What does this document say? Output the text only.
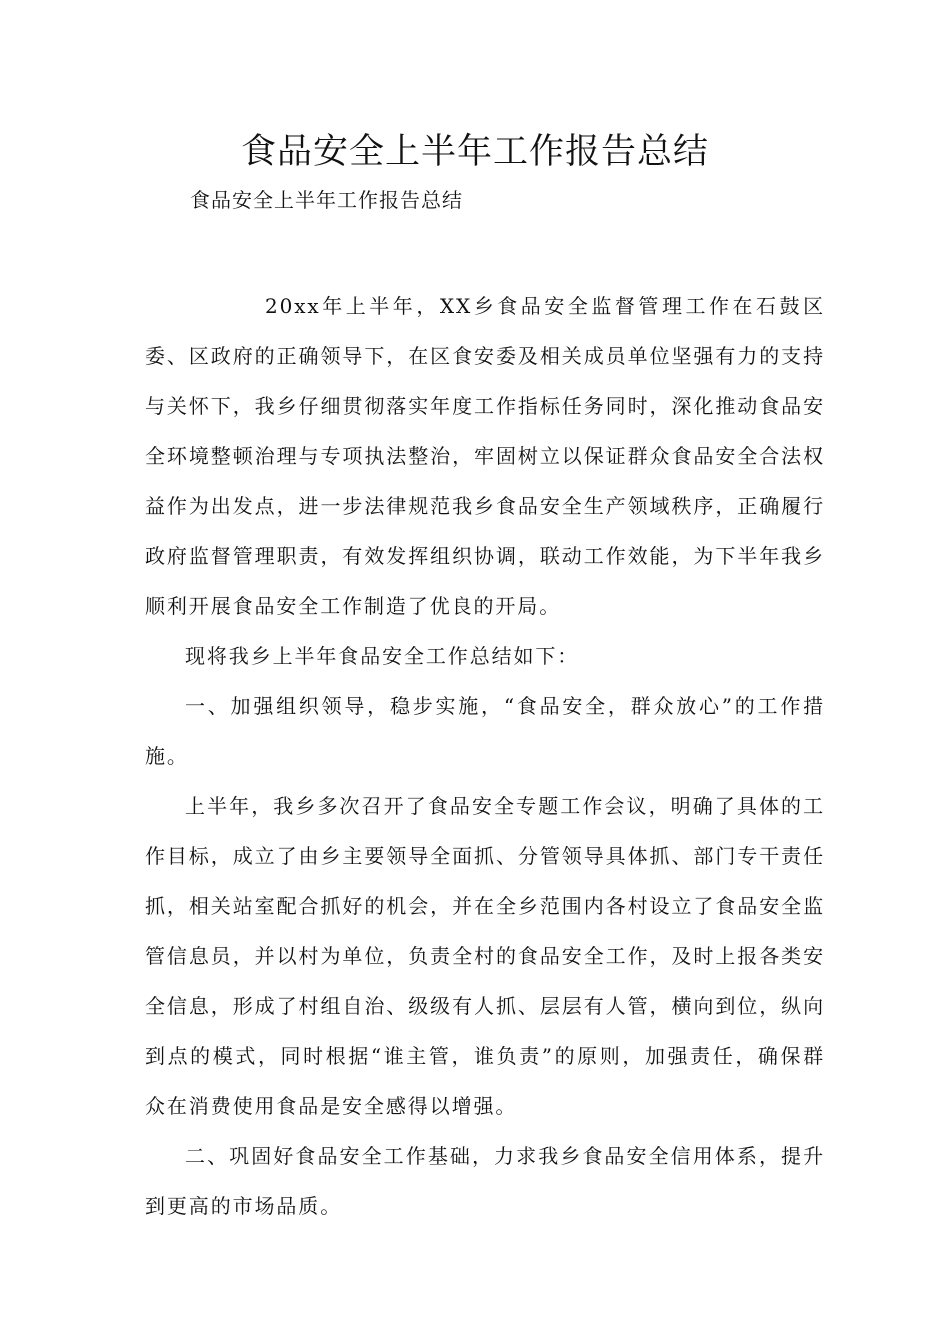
食品安全上半年工作报告总结

食品安全上半年工作报告总结

20xx年上半年，XX乡食品安全监督管理工作在石鼓区委、区政府的正确领导下，在区食安委及相关成员单位坚强有力的支持与关怀下，我乡仔细贯彻落实年度工作指标任务同时，深化推动食品安全环境整顿治理与专项执法整治，牢固树立以保证群众食品安全合法权益作为出发点，进一步法律规范我乡食品安全生产领域秩序，正确履行政府监督管理职责，有效发挥组织协调，联动工作效能，为下半年我乡顺利开展食品安全工作制造了优良的开局。

现将我乡上半年食品安全工作总结如下：

一、加强组织领导，稳步实施，“食品安全，群众放心”的工作措施。

上半年，我乡多次召开了食品安全专题工作会议，明确了具体的工作目标，成立了由乡主要领导全面抓、分管领导具体抓、部门专干责任抓，相关站室配合抓好的机会，并在全乡范围内各村设立了食品安全监管信息员，并以村为单位，负责全村的食品安全工作，及时上报各类安全信息，形成了村组自治、级级有人抓、层层有人管，横向到位，纵向到点的模式，同时根据“谁主管，谁负责”的原则，加强责任，确保群众在消费使用食品是安全感得以增强。

二、巩固好食品安全工作基础，力求我乡食品安全信用体系，提升到更高的市场品质。
